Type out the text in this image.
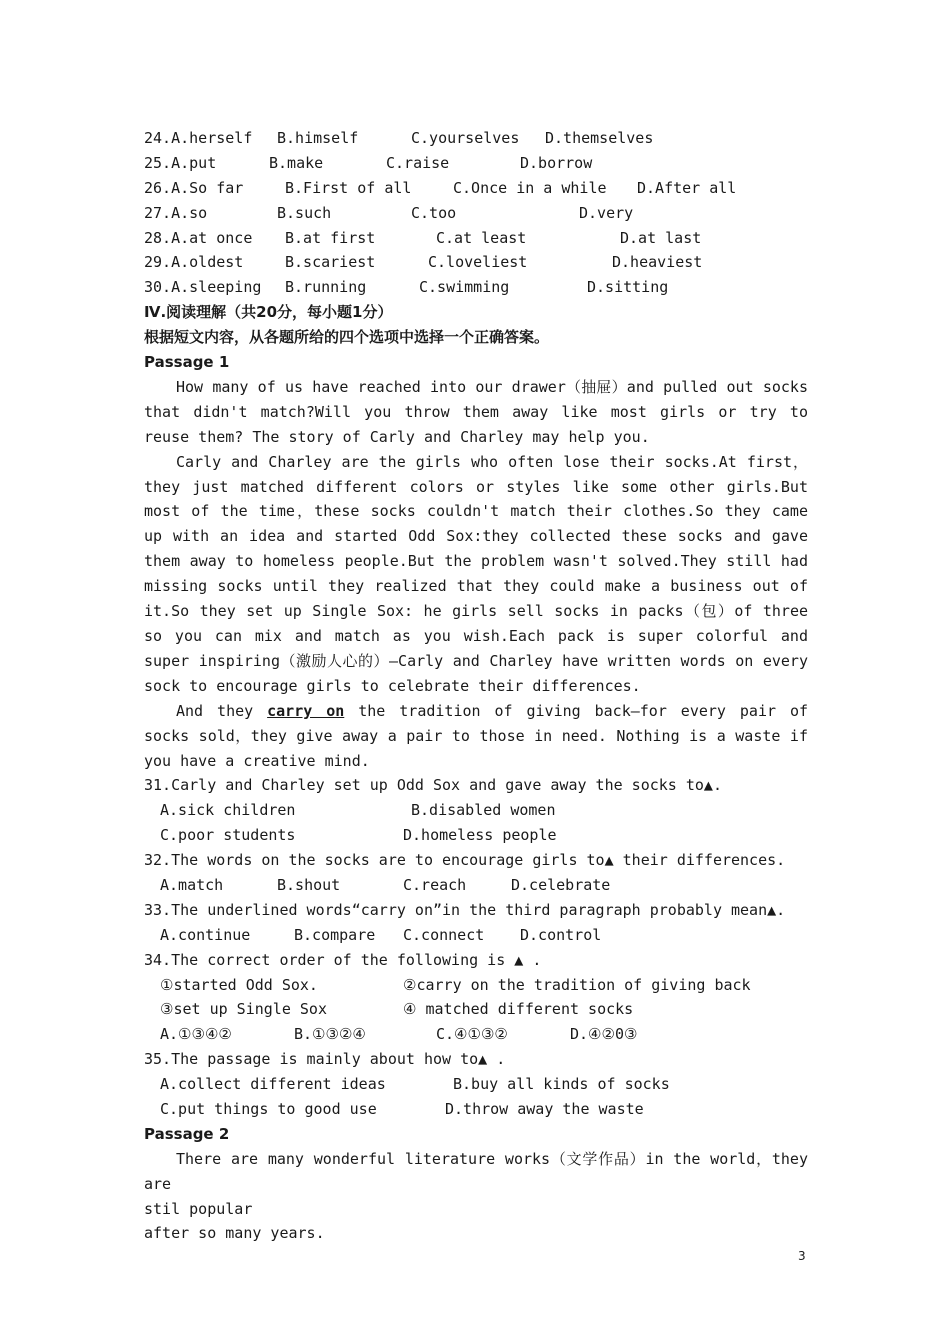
24.A.herself

B.himself

	C.yourselves

D.themselves

25.A.put

	B.make

	C.raise

	D.borrow

26.A.So far

	B.First of all

	C.Once in a while

D.After all

27.A.so

	B.such

	C.too

	D.very

28.A.at once

B.at first

	C.at least

	D.at last

29.A.oldest

	B.scariest

	C.loveliest

	D.heaviest

30.A.sleeping

B.running

	C.swimming

	D.sitting

Ⅳ.阅读理解（共20分，每小题1分）
根据短文内容，从各题所给的四个选项中选择一个正确答案。
Passage 1

How many of us have reached into our drawer（抽屉）and pulled out socks that didn't match?Will you throw them away like most girls or try to reuse them? The story of Carly and Charley may help you.

Carly and Charley are the girls who often lose their socks.At first，they just matched different colors or styles like some other girls.But most of the time，these socks couldn't match their clothes.So they came up with an idea and started Odd Sox:they collected these socks and gave them away to homeless people.But the problem wasn't solved.They still had missing socks until they realized that they could make a business out of it.So they set up Single Sox: he girls sell socks in packs（包）of three so you can mix and match as you wish.Each pack is super colorful and super inspiring（激励人心的）—Carly and Charley have written words on every sock to encourage girls to celebrate their differences.

And they carry on the tradition of giving back—for every pair of socks sold，they give away a pair to those in need. Nothing is a waste if you have a creative mind.

31.Carly and Charley set up Odd Sox and gave away the socks to▲.

A.sick children

	B.disabled women

C.poor students

	D.homeless people

32.The words on the socks are to encourage girls to▲ their differences.

A.match

	B.shout

	C.reach

	D.celebrate

33.The underlined words“carry on”in the third paragraph probably mean▲.

A.continue

	B.compare

C.connect

D.control

34.The correct order of the following is ▲ .

①started Odd Sox.

	②carry on the tradition of giving back

③set up Single Sox

	④ matched different socks

A.①③④②

	B.①③②④

	C.④①③②

	D.④②0③

35.The passage is mainly about how to▲ .

A.collect different ideas

	B.buy all kinds of socks

C.put things to good use

	D.throw away the waste

Passage 2

There are many wonderful literature works（文学作品）in the world，they are

stil popular
after so many years.
3
